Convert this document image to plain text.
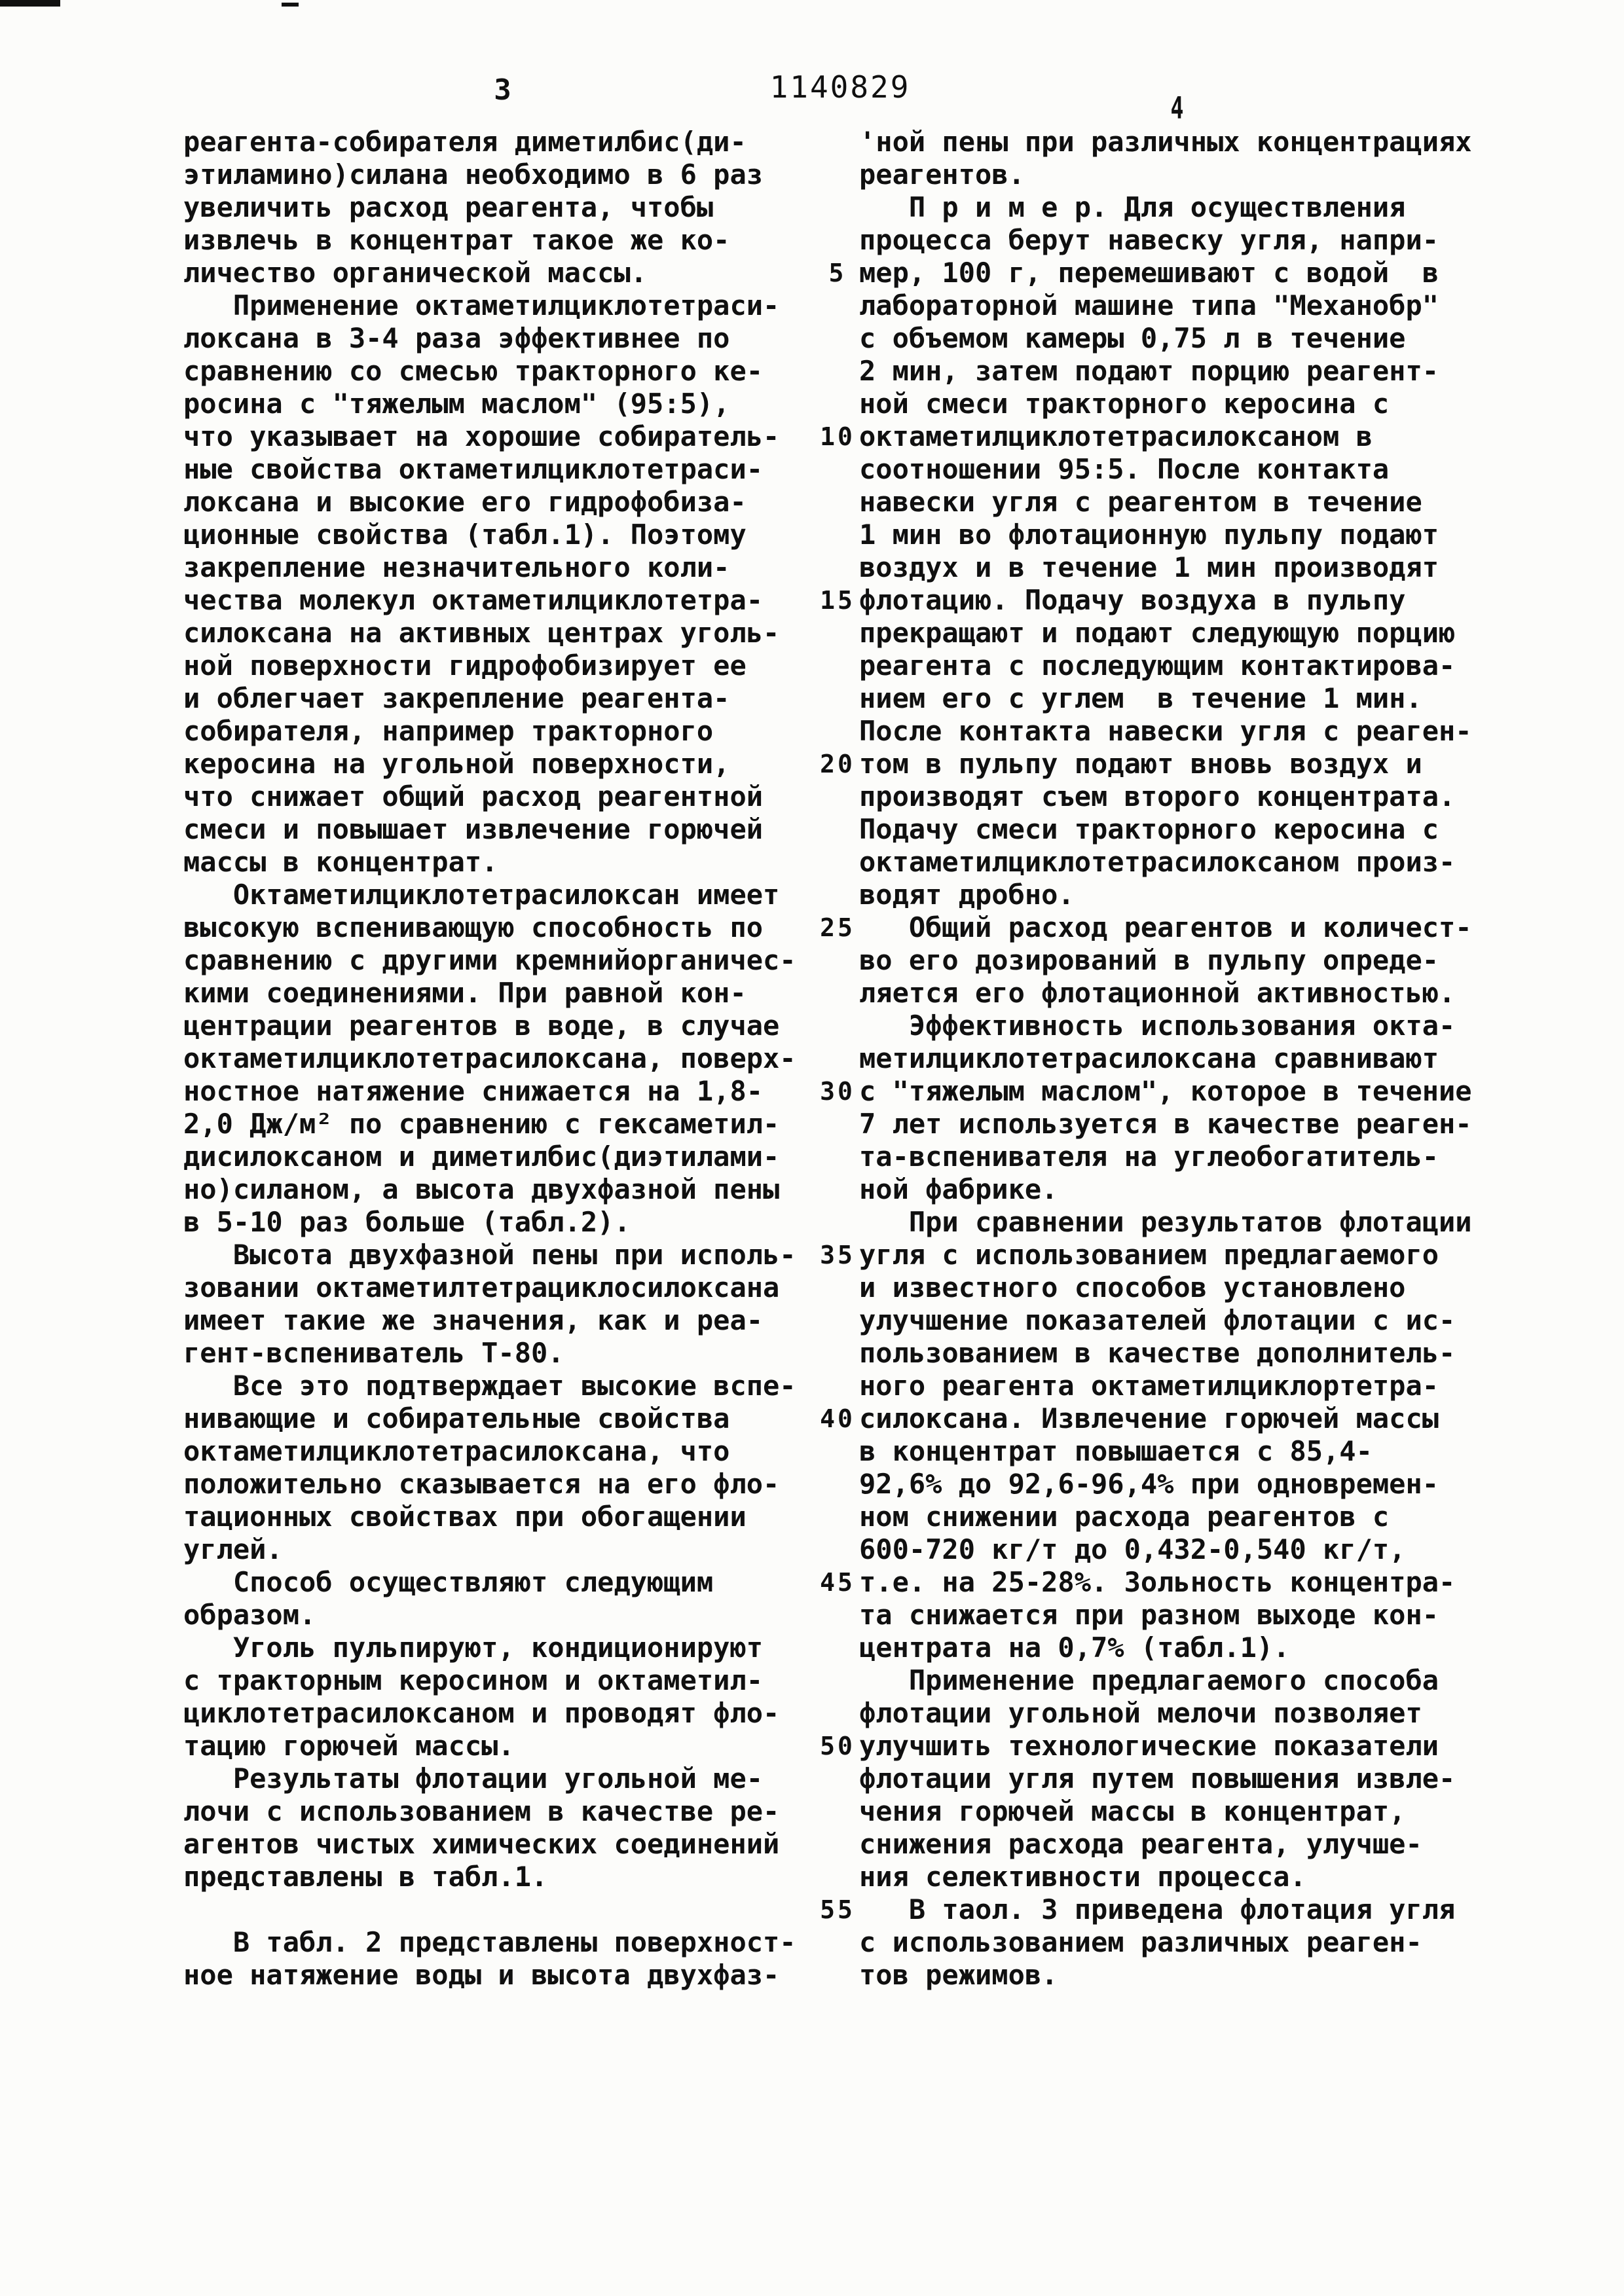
3	1140829
4
реагента-собирателя диметилбис(ди-
этиламино)силана необходимо в 6 раз
увеличить расход реагента, чтобы
извлечь в концентрат такое же ко-
личество органической массы.
Применение октаметилциклотетраси-
локсана в 3-4 раза эффективнее по
сравнению со смесью тракторного ке-
росина с "тяжелым маслом" (95:5),
что указывает на хорошие собиратель-
ные свойства октаметилциклотетраси-
локсана и высокие его гидрофобиза-
ционные свойства (табл.1). Поэтому
закрепление незначительного коли-
чества молекул октаметилциклотетра-
силоксана на активных центрах уголь-
ной поверхности гидрофобизирует ее
и облегчает закрепление реагента-
собирателя, например тракторного
керосина на угольной поверхности,
что снижает общий расход реагентной
смеси и повышает извлечение горючей
массы в концентрат.
Октаметилциклотетрасилоксан имеет
высокую вспенивающую способность по
сравнению с другими кремнийорганичес-
кими соединениями. При равной кон-
центрации реагентов в воде, в случае
октаметилциклотетрасилоксана, поверх-
ностное натяжение снижается на 1,8-
2,0 Дж/м² по сравнению с гексаметил-
дисилоксаном и диметилбис(диэтилами-
но)силаном, а высота двухфазной пены
в 5-10 раз больше (табл.2).
Высота двухфазной пены при исполь-
зовании октаметилтетрациклосилоксана
имеет такие же значения, как и реа-
гент-вспениватель Т-80.
Все это подтверждает высокие вспе-
нивающие и собирательные свойства
октаметилциклотетрасилоксана, что
положительно сказывается на его фло-
тационных свойствах при обогащении
углей.
Способ осуществляют следующим
образом.
Уголь пульпируют, кондиционируют
с тракторным керосином и октаметил-
циклотетрасилоксаном и проводят фло-
тацию горючей массы.
Результаты флотации угольной ме-
лочи с использованием в качестве ре-
агентов чистых химических соединений
представлены в табл.1.
В табл. 2 представлены поверхност-
ное натяжение воды и высота двухфаз-
5
10
15
20
25
30
35
40
45
50
55
'ной пены при различных концентрациях
реагентов.
П р и м е р. Для осуществления
процесса берут навеску угля, напри-
мер, 100 г, перемешивают с водой  в
лабораторной машине типа "Механобр"
с объемом камеры 0,75 л в течение
2 мин, затем подают порцию реагент-
ной смеси тракторного керосина с
октаметилциклотетрасилоксаном в
соотношении 95:5. После контакта
навески угля с реагентом в течение
1 мин во флотационную пульпу подают
воздух и в течение 1 мин производят
флотацию. Подачу воздуха в пульпу
прекращают и подают следующую порцию
реагента с последующим контактирова-
нием его с углем  в течение 1 мин.
После контакта навески угля с реаген-
том в пульпу подают вновь воздух и
производят съем второго концентрата.
Подачу смеси тракторного керосина с
октаметилциклотетрасилоксаном произ-
водят дробно.
Общий расход реагентов и количест-
во его дозирований в пульпу опреде-
ляется его флотационной активностью.
Эффективность использования окта-
метилциклотетрасилоксана сравнивают
с "тяжелым маслом", которое в течение
7 лет используется в качестве реаген-
та-вспенивателя на углеобогатитель-
ной фабрике.
При сравнении результатов флотации
угля с использованием предлагаемого
и известного способов установлено
улучшение показателей флотации с ис-
пользованием в качестве дополнитель-
ного реагента октаметилциклортетра-
силоксана. Извлечение горючей массы
в концентрат повышается с 85,4-
92,6% до 92,6-96,4% при одновремен-
ном снижении расхода реагентов с
600-720 кг/т до 0,432-0,540 кг/т,
т.е. на 25-28%. Зольность концентра-
та снижается при разном выходе кон-
центрата на 0,7% (табл.1).
Применение предлагаемого способа
флотации угольной мелочи позволяет
улучшить технологические показатели
флотации угля путем повышения извле-
чения горючей массы в концентрат,
снижения расхода реагента, улучше-
ния селективности процесса.
В таол. 3 приведена флотация угля
с использованием различных реаген-
тов режимов.
